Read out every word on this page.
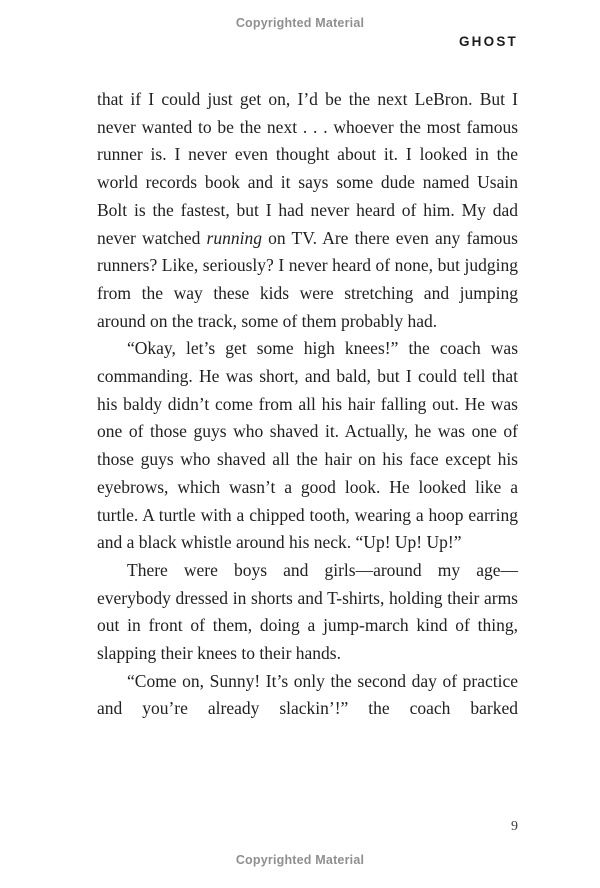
Copyrighted Material
GHOST

that if I could just get on, I’d be the next LeBron. But I never wanted to be the next . . . whoever the most famous runner is. I never even thought about it. I looked in the world records book and it says some dude named Usain Bolt is the fastest, but I had never heard of him. My dad never watched running on TV. Are there even any famous runners? Like, seriously? I never heard of none, but judging from the way these kids were stretching and jumping around on the track, some of them probably had.

“Okay, let’s get some high knees!” the coach was commanding. He was short, and bald, but I could tell that his baldy didn’t come from all his hair falling out. He was one of those guys who shaved it. Actually, he was one of those guys who shaved all the hair on his face except his eyebrows, which wasn’t a good look. He looked like a turtle. A turtle with a chipped tooth, wearing a hoop earring and a black whistle around his neck. “Up! Up! Up!”

There were boys and girls—around my age—everybody dressed in shorts and T-shirts, holding their arms out in front of them, doing a jump-march kind of thing, slapping their knees to their hands.

“Come on, Sunny! It’s only the second day of practice and you’re already slackin’!” the coach barked

9
Copyrighted Material
